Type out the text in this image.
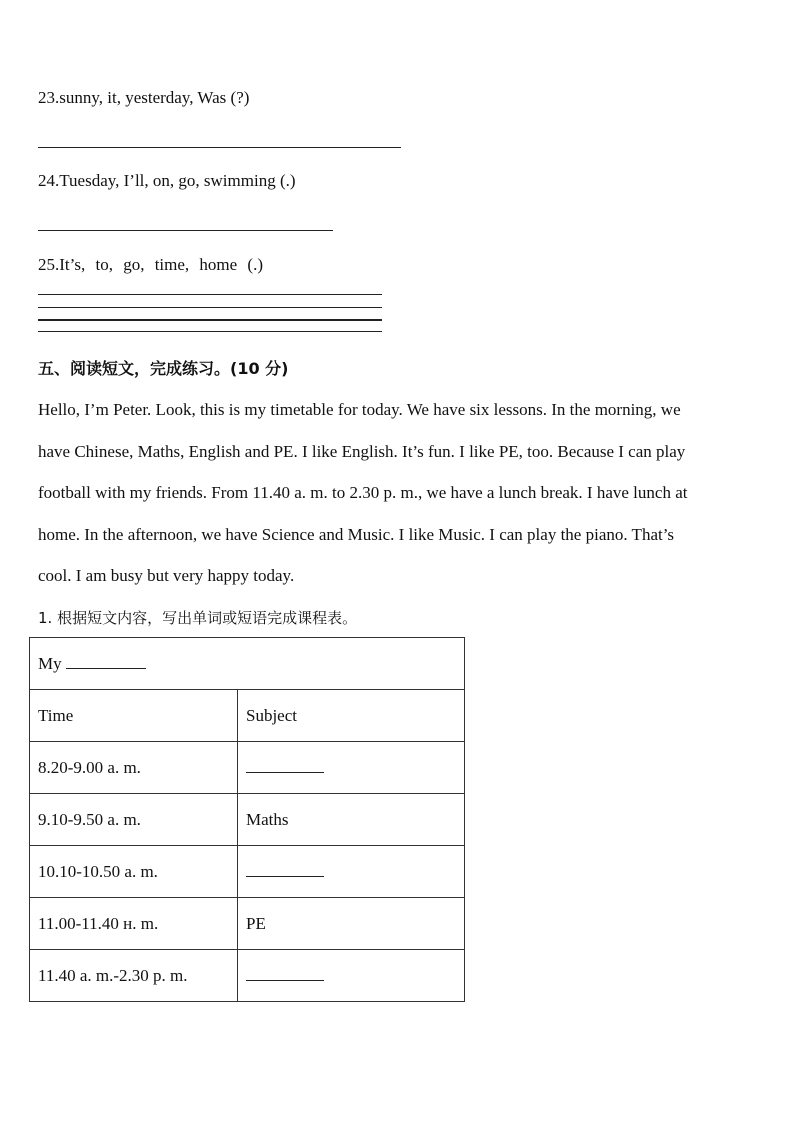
23.sunny, it, yesterday, Was (?)
24.Tuesday, I’ll, on, go, swimming (.)
25.It’s, to, go, time, home (.)
五、阅读短文，完成练习。(10 分)
Hello, I’m Peter. Look, this is my timetable for today. We have six lessons. In the morning, we
have Chinese, Maths, English and PE. I like English. It’s fun. I like PE, too. Because I can play
football with my friends. From 11.40 a. m. to 2.30 p. m., we have a lunch break. I have lunch at
home. In the afternoon, we have Science and Music. I like Music. I can play the piano. That’s
cool. I am busy but very happy today.
1. 根据短文内容，写出单词或短语完成课程表。
My	
Time	Subject
8.20-9.00 a. m.	
9.10-9.50 a. m.	Maths
10.10-10.50 a. m.	
11.00-11.40 н. m.	PE
11.40 a. m.-2.30 p. m.	
